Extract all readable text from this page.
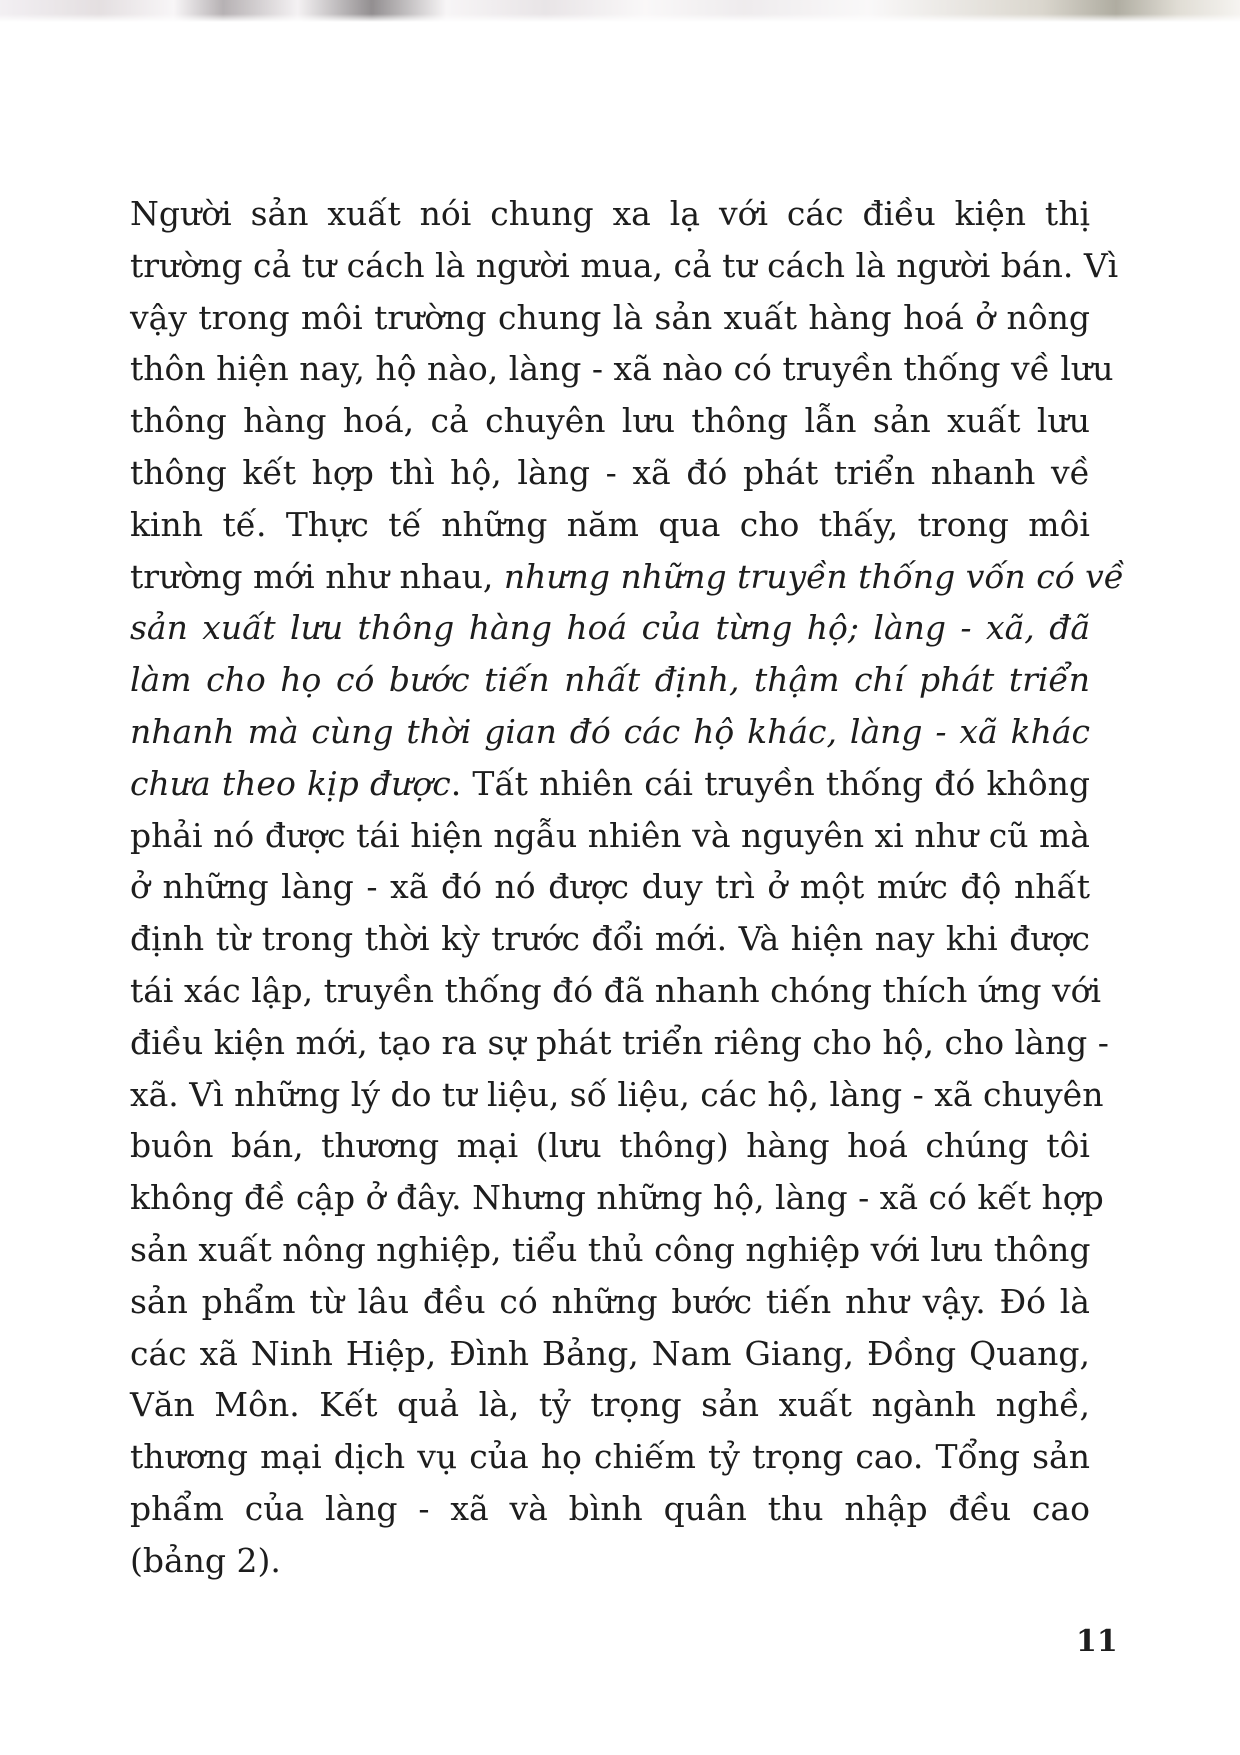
Người sản xuất nói chung xa lạ với các điều kiện thị
trường cả tư cách là người mua, cả tư cách là người bán. Vì
vậy trong môi trường chung là sản xuất hàng hoá ở nông
thôn hiện nay, hộ nào, làng - xã nào có truyền thống về lưu
thông hàng hoá, cả chuyên lưu thông lẫn sản xuất lưu
thông kết hợp thì hộ, làng - xã đó phát triển nhanh về
kinh tế. Thực tế những năm qua cho thấy, trong môi
trường mới như nhau, nhưng những truyền thống vốn có về
sản xuất lưu thông hàng hoá của từng hộ; làng - xã, đã
làm cho họ có bước tiến nhất định, thậm chí phát triển
nhanh mà cùng thời gian đó các hộ khác, làng - xã khác
chưa theo kịp được. Tất nhiên cái truyền thống đó không
phải nó được tái hiện ngẫu nhiên và nguyên xi như cũ mà
ở những làng - xã đó nó được duy trì ở một mức độ nhất
định từ trong thời kỳ trước đổi mới. Và hiện nay khi được
tái xác lập, truyền thống đó đã nhanh chóng thích ứng với
điều kiện mới, tạo ra sự phát triển riêng cho hộ, cho làng -
xã. Vì những lý do tư liệu, số liệu, các hộ, làng - xã chuyên
buôn bán, thương mại (lưu thông) hàng hoá chúng tôi
không đề cập ở đây. Nhưng những hộ, làng - xã có kết hợp
sản xuất nông nghiệp, tiểu thủ công nghiệp với lưu thông
sản phẩm từ lâu đều có những bước tiến như vậy. Đó là
các xã Ninh Hiệp, Đình Bảng, Nam Giang, Đồng Quang,
Văn Môn. Kết quả là, tỷ trọng sản xuất ngành nghề,
thương mại dịch vụ của họ chiếm tỷ trọng cao. Tổng sản
phẩm của làng - xã và bình quân thu nhập đều cao
(bảng 2).
11
